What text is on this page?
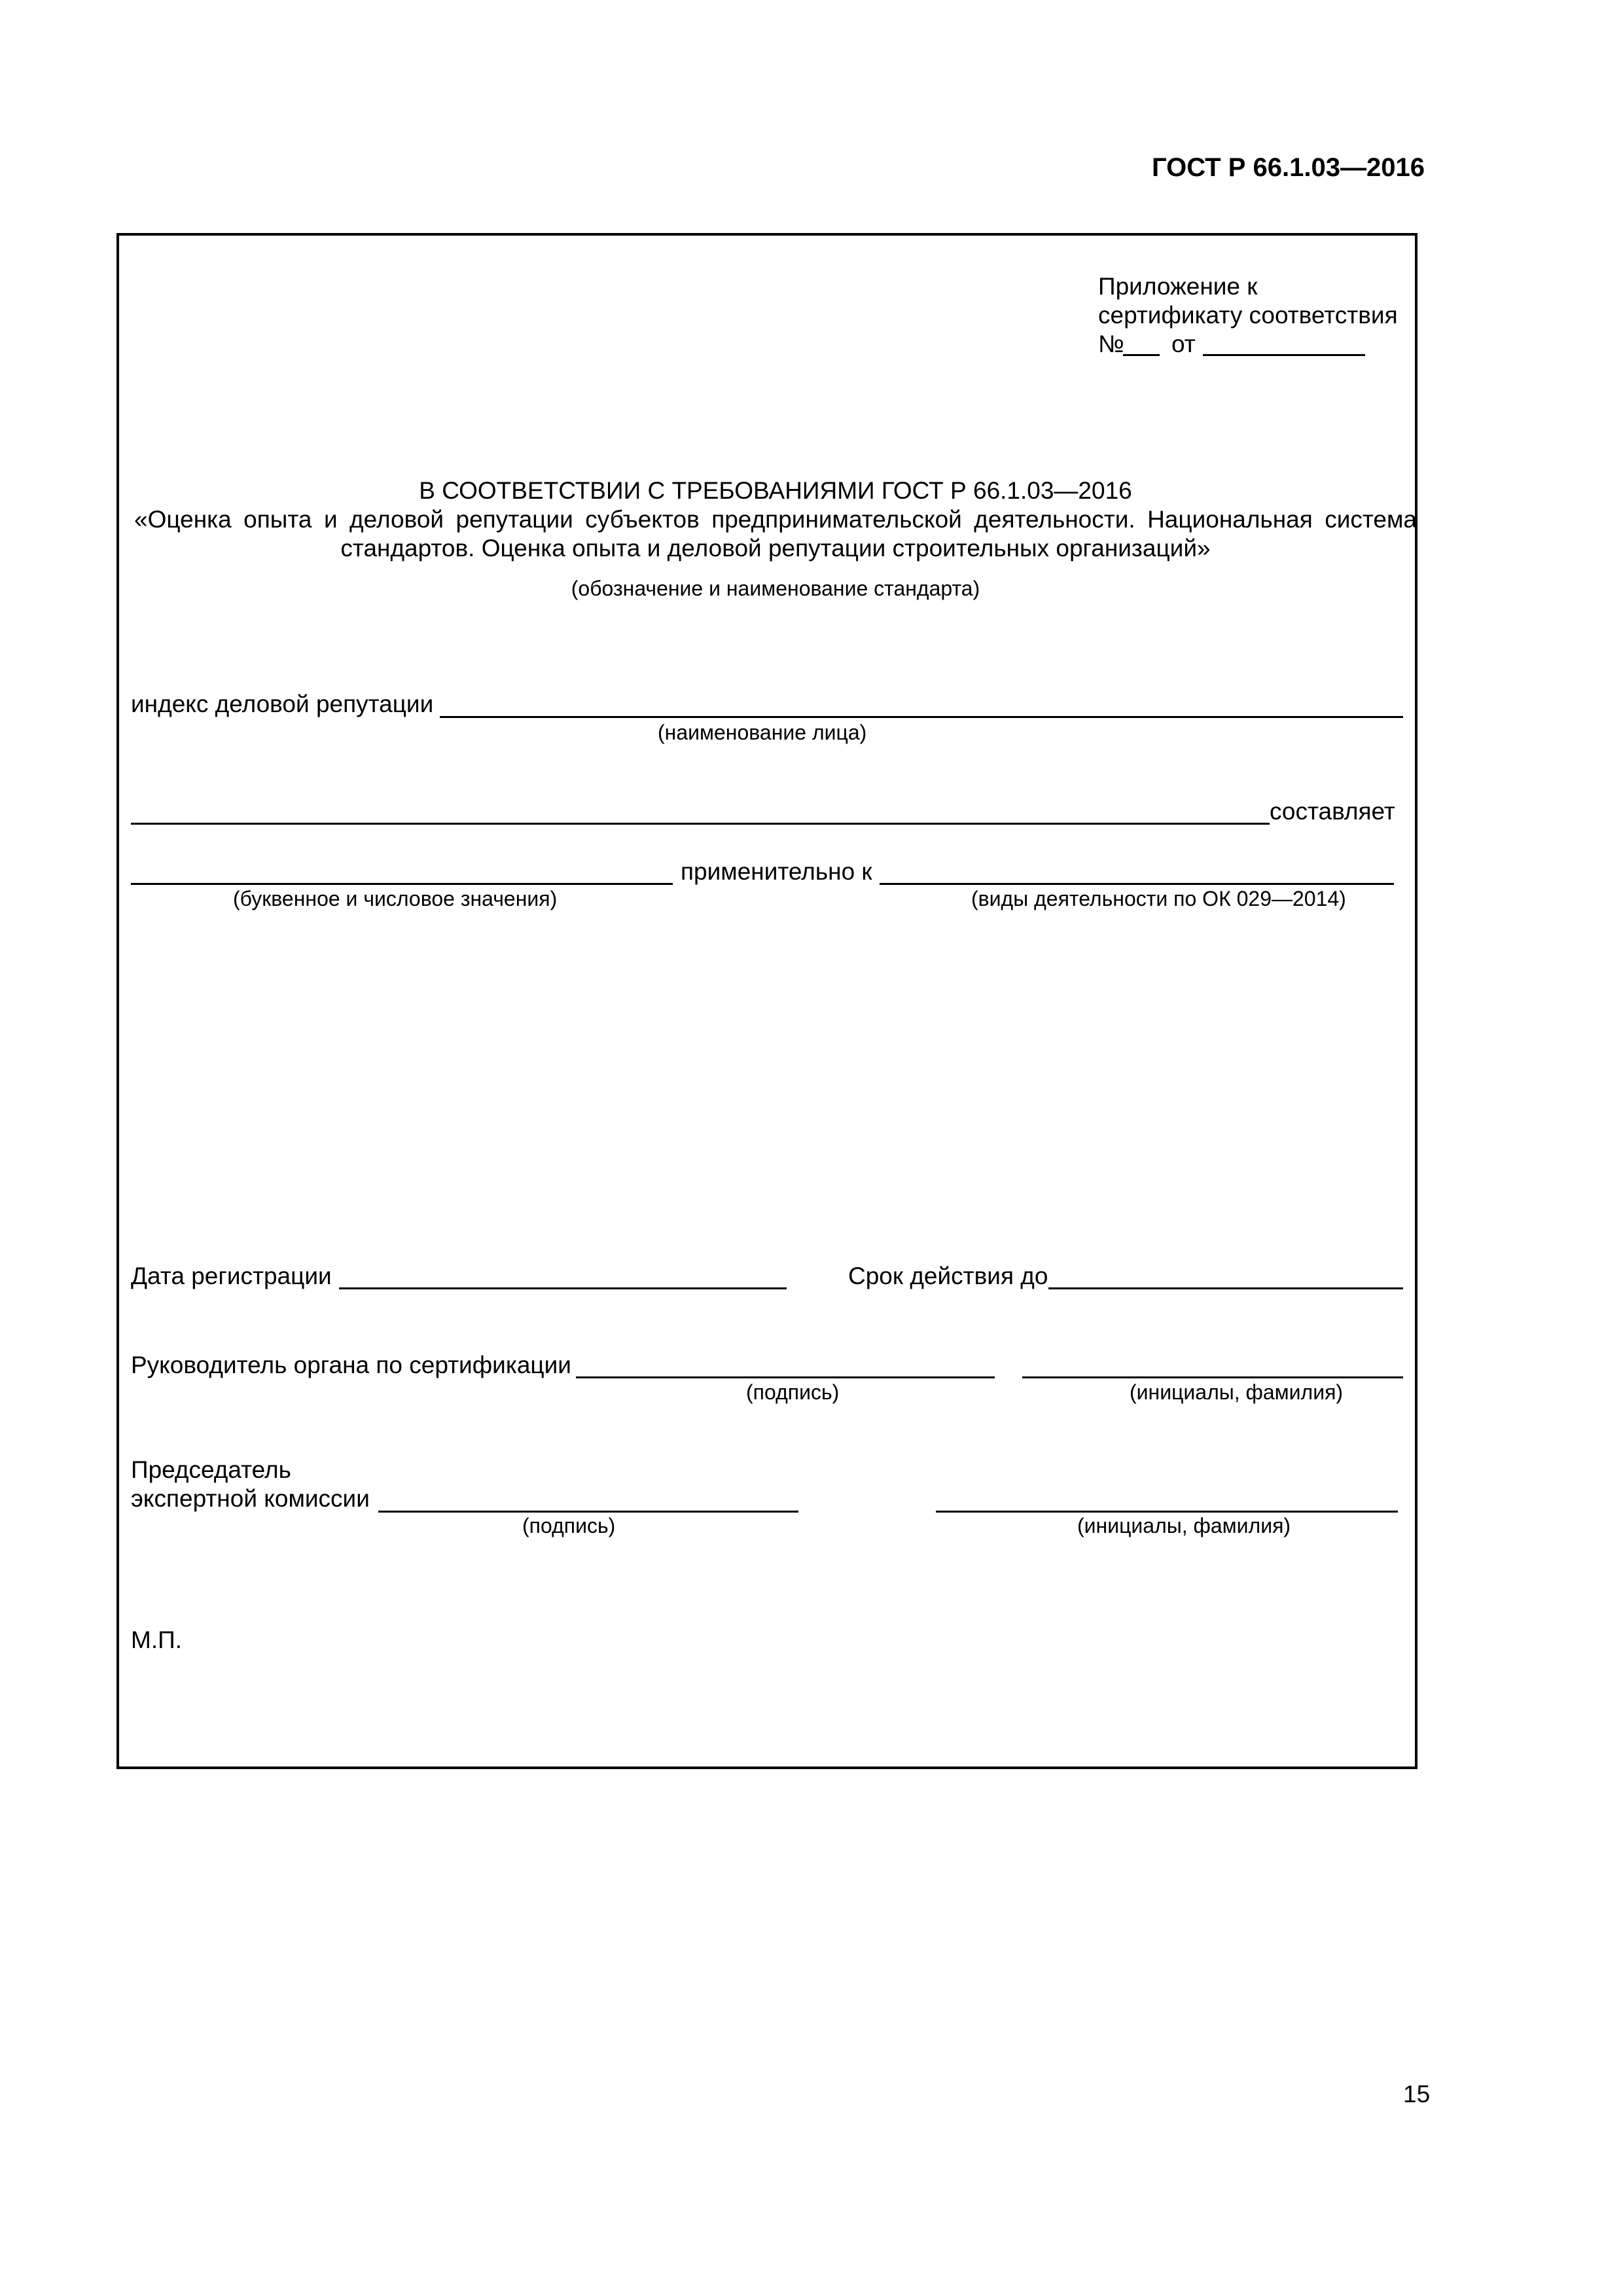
ГОСТ Р 66.1.03—2016
Приложение к
сертификату соответствия
№ от
В СООТВЕТСТВИИ С ТРЕБОВАНИЯМИ ГОСТ Р 66.1.03—2016
«Оценка опыта и деловой репутации субъектов предпринимательской деятельности. Национальная система
стандартов. Оценка опыта и деловой репутации строительных организаций»
(обозначение и наименование стандарта)
индекс деловой репутации
(наименование лица)
составляет
применительно к
(буквенное и числовое значения)	(виды деятельности по ОК 029—2014)
Дата регистрации	Срок действия до
Руководитель органа по сертификации
(подпись)	(инициалы, фамилия)
Председатель
экспертной комиссии
(подпись)	(инициалы, фамилия)
М.П.
15
